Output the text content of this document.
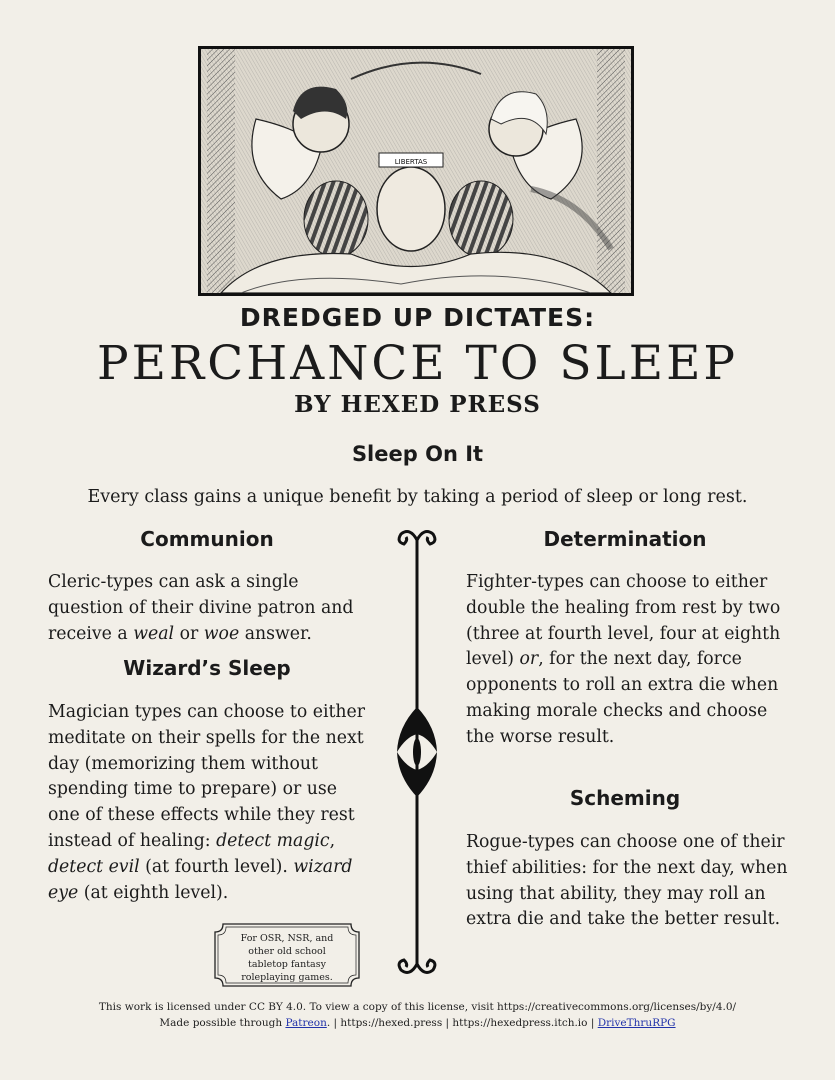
LIBERTAS
DREDGED UP DICTATES:
PERCHANCE TO SLEEP
BY HEXED PRESS
Sleep On It
Every class gains a unique benefit by taking a period of sleep or long rest.
Communion

Cleric-types can ask a single question of their divine patron and receive a weal or woe answer.

Wizard’s Sleep

Magician types can choose to either meditate on their spells for the next day (memorizing them without spending time to prepare) or use one of these effects while they rest instead of healing: detect magic, detect evil (at fourth level). wizard eye (at eighth level).

Determination

Fighter-types can choose to either double the healing from rest by two (three at fourth level, four at eighth level) or, for the next day, force opponents to roll an extra die when making morale checks and choose the worse result.

Scheming

Rogue-types can choose one of their thief abilities: for the next day, when using that ability, they may roll an extra die and take the better result.

For OSR, NSR, and other old school tabletop fantasy roleplaying games.
This work is licensed under CC BY 4.0. To view a copy of this license, visit https://creativecommons.org/licenses/by/4.0/
Made possible through Patreon. | https://hexed.press | https://hexedpress.itch.io | DriveThruRPG
